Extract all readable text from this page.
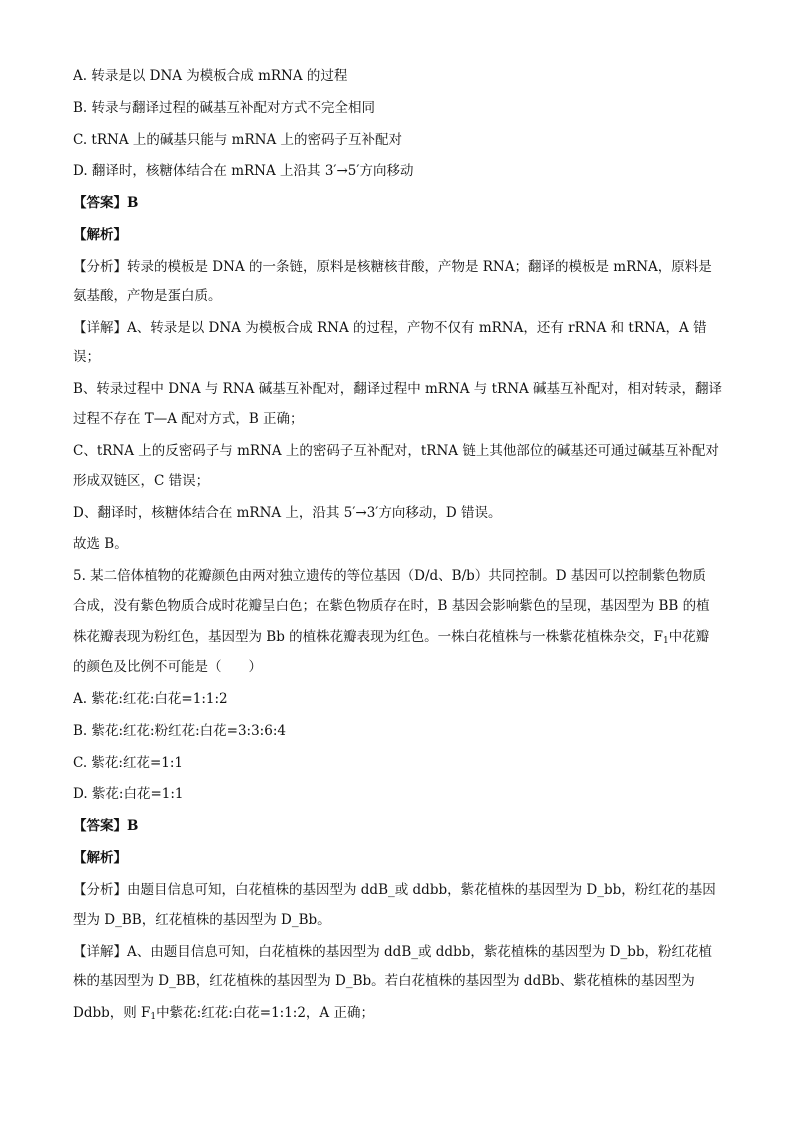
A. 转录是以 DNA 为模板合成 mRNA 的过程
B. 转录与翻译过程的碱基互补配对方式不完全相同
C. tRNA 上的碱基只能与 mRNA 上的密码子互补配对
D. 翻译时，核糖体结合在 mRNA 上沿其 3′→5′方向移动
【答案】B
【解析】
【分析】转录的模板是 DNA 的一条链，原料是核糖核苷酸，产物是 RNA；翻译的模板是 mRNA，原料是
氨基酸，产物是蛋白质。
【详解】A、转录是以 DNA 为模板合成 RNA 的过程，产物不仅有 mRNA，还有 rRNA 和 tRNA，A 错
误；
B、转录过程中 DNA 与 RNA 碱基互补配对，翻译过程中 mRNA 与 tRNA 碱基互补配对，相对转录，翻译
过程不存在 T—A 配对方式，B 正确；
C、tRNA 上的反密码子与 mRNA 上的密码子互补配对，tRNA 链上其他部位的碱基还可通过碱基互补配对
形成双链区，C 错误；
D、翻译时，核糖体结合在 mRNA 上，沿其 5′→3′方向移动，D 错误。
故选 B。
5. 某二倍体植物的花瓣颜色由两对独立遗传的等位基因（D/d、B/b）共同控制。D 基因可以控制紫色物质
合成，没有紫色物质合成时花瓣呈白色；在紫色物质存在时，B 基因会影响紫色的呈现，基因型为 BB 的植
株花瓣表现为粉红色，基因型为 Bb 的植株花瓣表现为红色。一株白花植株与一株紫花植株杂交，$F_1$中花瓣
的颜色及比例不可能是（　　）
A. 紫花:红花:白花=1:1:2
B. 紫花:红花:粉红花:白花=3:3:6:4
C. 紫花:红花=1:1
D. 紫花:白花=1:1
【答案】B
【解析】
【分析】由题目信息可知，白花植株的基因型为 ddB_或 ddbb，紫花植株的基因型为 D_bb，粉红花的基因
型为 D_BB，红花植株的基因型为 D_Bb。
【详解】A、由题目信息可知，白花植株的基因型为 ddB_或 ddbb，紫花植株的基因型为 D_bb，粉红花植
株的基因型为 D_BB，红花植株的基因型为 D_Bb。若白花植株的基因型为 ddBb、紫花植株的基因型为
Ddbb，则 $F_1$中紫花:红花:白花=1:1:2，A 正确；
